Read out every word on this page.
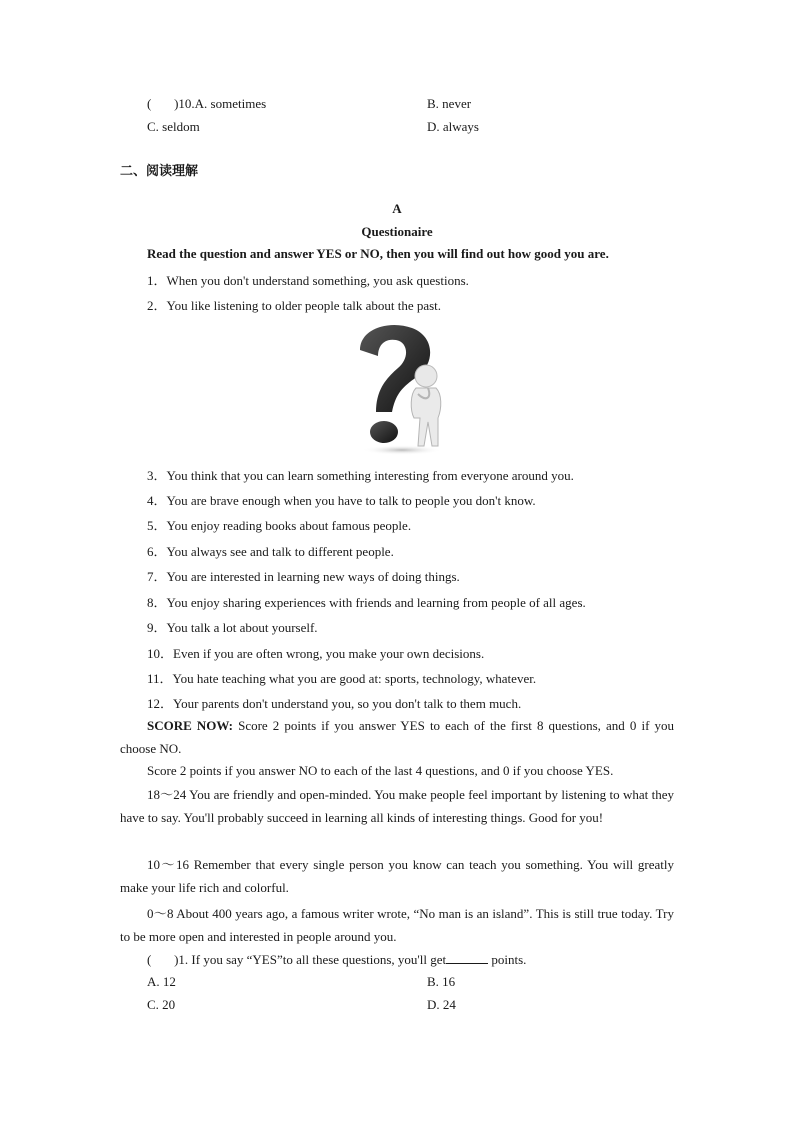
(       )10.A. sometimes	B. never
C. seldom	D. always
二、阅读理解
A
Questionaire
Read the question and answer YES or NO, then you will find out how good you are.
1．When you don't understand something, you ask questions.
2．You like listening to older people talk about the past.
3．You think that you can learn something interesting from everyone around you.
4．You are brave enough when you have to talk to people you don't know.
5．You enjoy reading books about famous people.
6．You always see and talk to different people.
7．You are interested in learning new ways of doing things.
8．You enjoy sharing experiences with friends and learning from people of all ages.
9．You talk a lot about yourself.
10．Even if you are often wrong, you make your own decisions.
11．You hate teaching what you are good at: sports, technology, whatever.
12．Your parents don't understand you, so you don't talk to them much.
SCORE NOW: Score 2 points if you answer YES to each of the first 8 questions, and 0 if you choose NO.
Score 2 points if you answer NO to each of the last 4 questions, and 0 if you choose YES.
18～24 You are friendly and open-minded. You make people feel important by listening to what they have to say. You'll probably succeed in learning all kinds of interesting things. Good for you!
10～16 Remember that every single person you know can teach you something. You will greatly make your life rich and colorful.
0～8 About 400 years ago, a famous writer wrote, “No man is an island”. This is still true today. Try to be more open and interested in people around you.
(       )1. If you say “YES”to all these questions, you'll get	points.
A. 12	B. 16
C. 20	D. 24
